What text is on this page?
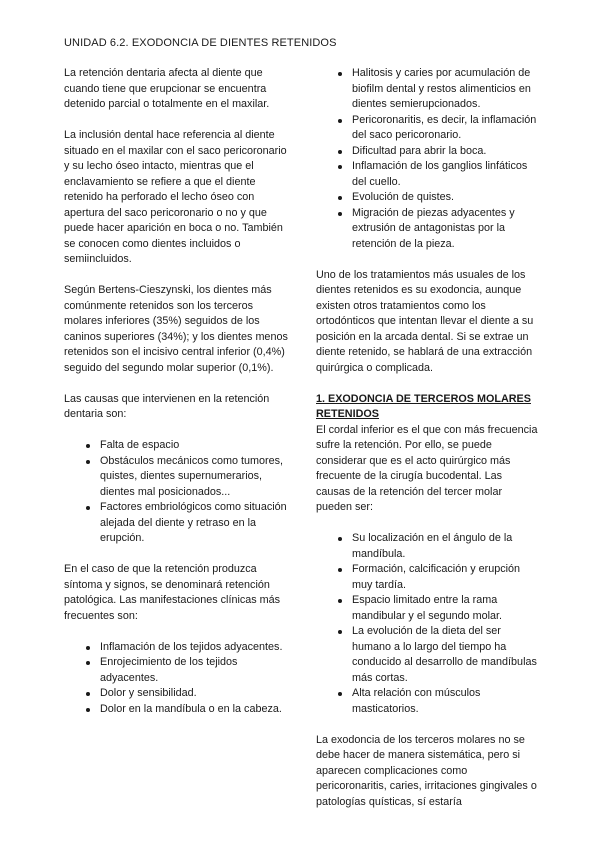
UNIDAD 6.2. EXODONCIA DE DIENTES RETENIDOS

La retención dentaria afecta al diente que cuando tiene que erupcionar se encuentra detenido parcial o totalmente en el maxilar.

La inclusión dental hace referencia al diente situado en el maxilar con el saco pericoronario y su lecho óseo intacto, mientras que el enclavamiento se refiere a que el diente retenido ha perforado el lecho óseo con apertura del saco pericoronario o no y que puede hacer aparición en boca o no. También se conocen como dientes incluidos o semiincluidos.

Según Bertens-Cieszynski, los dientes más comúnmente retenidos son los terceros molares inferiores (35%) seguidos de los caninos superiores (34%); y los dientes menos retenidos son el incisivo central inferior (0,4%) seguido del segundo molar superior (0,1%).

Las causas que intervienen en la retención dentaria son:

Falta de espacio
Obstáculos mecánicos como tumores, quistes, dientes supernumerarios, dientes mal posicionados...
Factores embriológicos como situación alejada del diente y retraso en la erupción.

En el caso de que la retención produzca síntoma y signos, se denominará retención patológica. Las manifestaciones clínicas más frecuentes son:

Inflamación de los tejidos adyacentes.
Enrojecimiento de los tejidos adyacentes.
Dolor y sensibilidad.
Dolor en la mandíbula o en la cabeza.
Halitosis y caries por acumulación de biofilm dental y restos alimenticios en dientes semierupcionados.
Pericoronaritis, es decir, la inflamación del saco pericoronario.
Dificultad para abrir la boca.
Inflamación de los ganglios linfáticos del cuello.
Evolución de quistes.
Migración de piezas adyacentes y extrusión de antagonistas por la retención de la pieza.

Uno de los tratamientos más usuales de los dientes retenidos es su exodoncia, aunque existen otros tratamientos como los ortodónticos que intentan llevar el diente a su posición en la arcada dental. Si se extrae un diente retenido, se hablará de una extracción quirúrgica o complicada.

1. EXODONCIA DE TERCEROS MOLARES RETENIDOS

El cordal inferior es el que con más frecuencia sufre la retención. Por ello, se puede considerar que es el acto quirúrgico más frecuente de la cirugía bucodental. Las causas de la retención del tercer molar pueden ser:

Su localización en el ángulo de la mandíbula.
Formación, calcificación y erupción muy tardía.
Espacio limitado entre la rama mandibular y el segundo molar.
La evolución de la dieta del ser humano a lo largo del tiempo ha conducido al desarrollo de mandíbulas más cortas.
Alta relación con músculos masticatorios.

La exodoncia de los terceros molares no se debe hacer de manera sistemática, pero si aparecen complicaciones como pericoronaritis, caries, irritaciones gingivales o patologías quísticas, sí estaría
